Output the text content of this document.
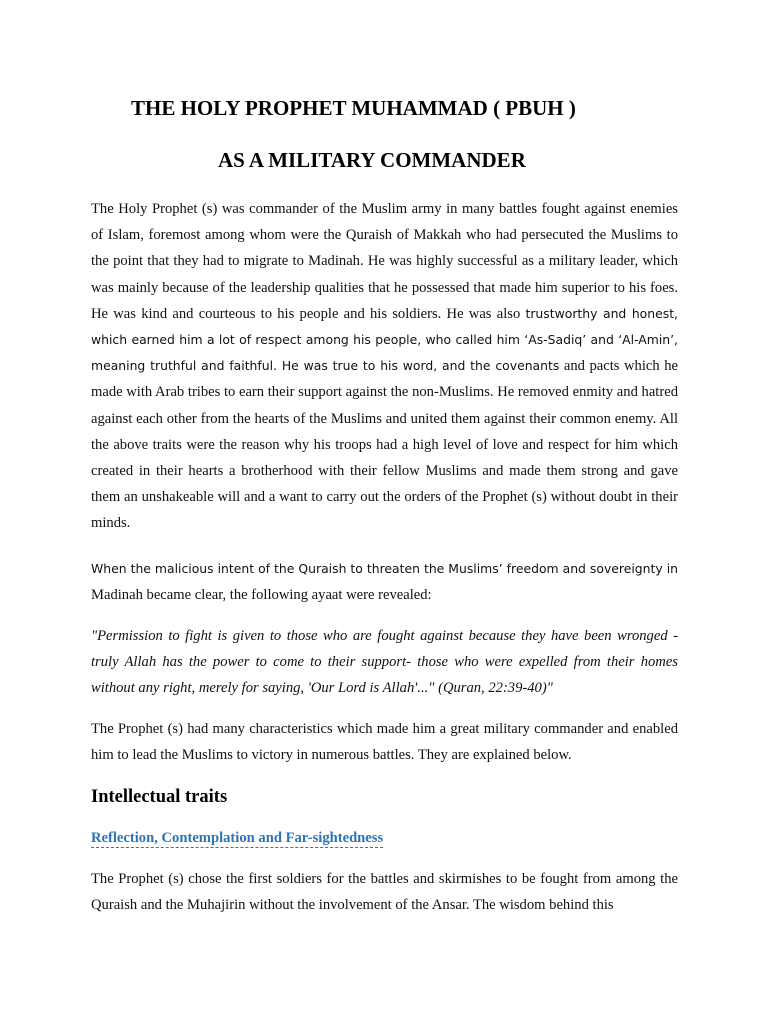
THE HOLY PROPHET MUHAMMAD ( PBUH )
AS A MILITARY COMMANDER

The Holy Prophet (s) was commander of the Muslim army in many battles fought against enemies of Islam, foremost among whom were the Quraish of Makkah who had persecuted the Muslims to the point that they had to migrate to Madinah. He was highly successful as a military leader, which was mainly because of the leadership qualities that he possessed that made him superior to his foes. He was kind and courteous to his people and his soldiers. He was also trustworthy and honest, which earned him a lot of respect among his people, who called him ‘As-Sadiq’ and ‘Al-Amin’, meaning truthful and faithful. He was true to his word, and the covenants and pacts which he made with Arab tribes to earn their support against the non-Muslims. He removed enmity and hatred against each other from the hearts of the Muslims and united them against their common enemy. All the above traits were the reason why his troops had a high level of love and respect for him which created in their hearts a brotherhood with their fellow Muslims and made them strong and gave them an unshakeable will and a want to carry out the orders of the Prophet (s) without doubt in their minds.

When the malicious intent of the Quraish to threaten the Muslims’ freedom and sovereignty in Madinah became clear, the following ayaat were revealed:

"Permission to fight is given to those who are fought against because they have been wronged - truly Allah has the power to come to their support- those who were expelled from their homes without any right, merely for saying, 'Our Lord is Allah'..." (Quran, 22:39-40)"

The Prophet (s) had many characteristics which made him a great military commander and enabled him to lead the Muslims to victory in numerous battles. They are explained below.

Intellectual traits
Reflection, Contemplation and Far-sightedness

The Prophet (s) chose the first soldiers for the battles and skirmishes to be fought from among the Quraish and the Muhajirin without the involvement of the Ansar. The wisdom behind this
